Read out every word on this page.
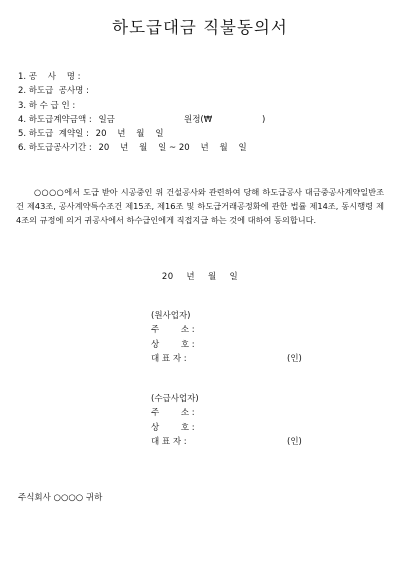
하도급대금 직불동의서
1. 공    사    명 :
2. 하도급  공사명 :
3. 하 수 급 인 :
4. 하도급계약금액 : 일금	원정(₩	)
5. 하도급  계약일 : 20    년    월    일
6. 하도급공사기간 : 20    년    월    일 ~ 20    년    월    일
○○○○에서 도급 받아 시공중인 위 건설공사와 관련하여 당해 하도급공사 대금중공사계약일반조건 제43조, 공사계약특수조건 제15조, 제16조 및 하도급거래공정화에 관한 법률 제14조, 동시행령 제4조의 규정에 의거 귀공사에서 하수급인에게 직접지급 하는 것에 대하여 동의합니다.
20    년    월    일
(원사업자)
주        소 :
상        호 :
대 표 자 :	(인)
(수급사업자)
주        소 :
상        호 :
대 표 자 :	(인)
주식회사 ○○○○ 귀하
